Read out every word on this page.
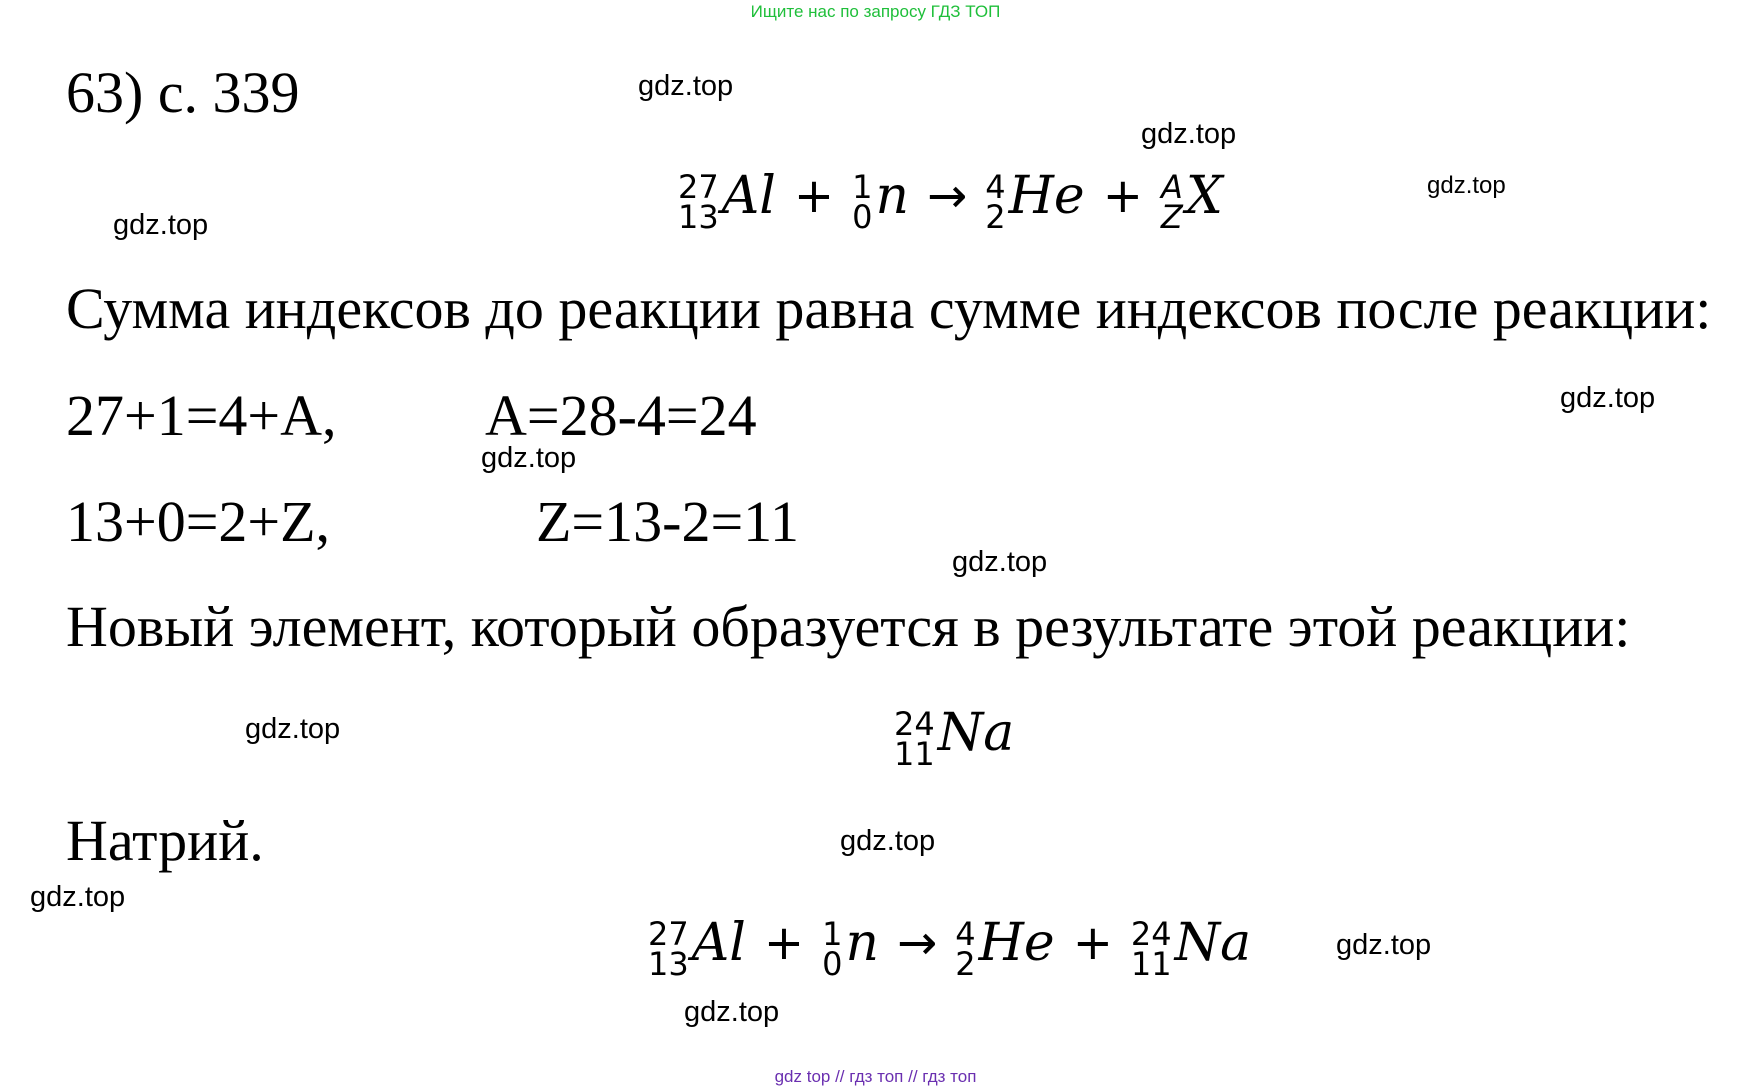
Ищите нас по запросу ГДЗ ТОП
63) с. 339
27
13 Al + 1
0 n → 4
2 He + A
Z X
Сумма индексов до реакции равна сумме индексов после реакции:
27+1=4+A,	A=28-4=24
13+0=2+Z,	Z=13-2=11
Новый элемент, который образуется в результате этой реакции:
24
11 Na
Натрий.
27
13 Al + 1
0 n → 4
2 He + 24
11 Na
gdz.top
gdz.top
gdz.top
gdz.top
gdz.top
gdz.top
gdz.top
gdz.top
gdz.top
gdz.top
gdz.top
gdz.top
gdz top // гдз топ // гдз топ
